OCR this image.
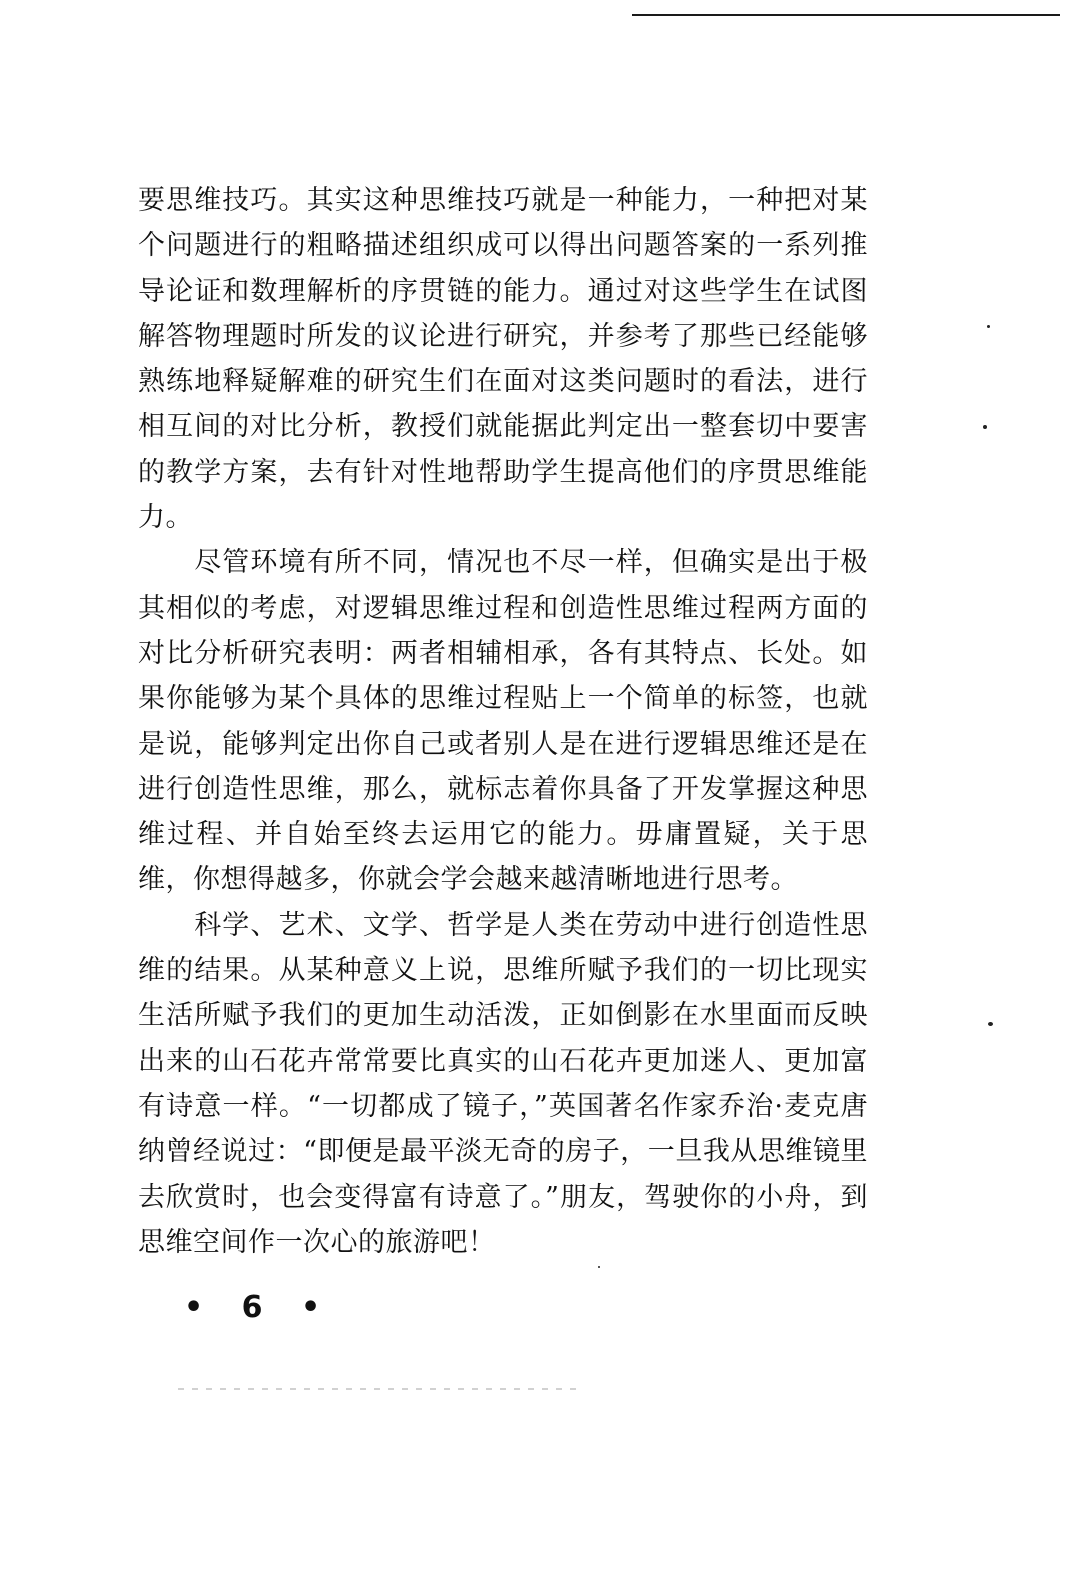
要思维技巧。其实这种思维技巧就是一种能力，一种把对某
个问题进行的粗略描述组织成可以得出问题答案的一系列推
导论证和数理解析的序贯链的能力。通过对这些学生在试图
解答物理题时所发的议论进行研究，并参考了那些已经能够
熟练地释疑解难的研究生们在面对这类问题时的看法，进行
相互间的对比分析，教授们就能据此判定出一整套切中要害
的教学方案，去有针对性地帮助学生提高他们的序贯思维能
力。
　　尽管环境有所不同，情况也不尽一样，但确实是出于极
其相似的考虑，对逻辑思维过程和创造性思维过程两方面的
对比分析研究表明：两者相辅相承，各有其特点、长处。如
果你能够为某个具体的思维过程贴上一个简单的标签，也就
是说，能够判定出你自己或者别人是在进行逻辑思维还是在
进行创造性思维，那么，就标志着你具备了开发掌握这种思
维过程、并自始至终去运用它的能力。毋庸置疑，关于思
维，你想得越多，你就会学会越来越清晰地进行思考。
　　科学、艺术、文学、哲学是人类在劳动中进行创造性思
维的结果。从某种意义上说，思维所赋予我们的一切比现实
生活所赋予我们的更加生动活泼，正如倒影在水里面而反映
出来的山石花卉常常要比真实的山石花卉更加迷人、更加富
有诗意一样。“一切都成了镜子，”英国著名作家乔治·麦克唐
纳曾经说过：“即便是最平淡无奇的房子，一旦我从思维镜里
去欣赏时，也会变得富有诗意了。”朋友，驾驶你的小舟，到
思维空间作一次心的旅游吧！
• 6 •
